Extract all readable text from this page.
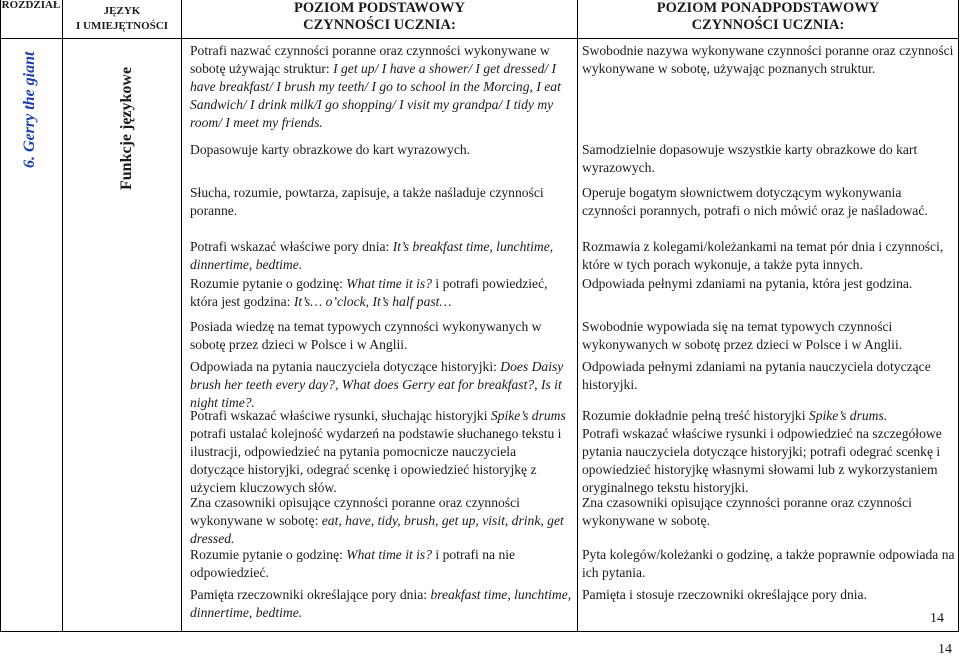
ROZDZIAŁ	JĘZYK
I UMIEJĘTNOŚCI
POZIOM PODSTAWOWY
CZYNNOŚCI UCZNIA:
POZIOM PONADPODSTAWOWY
CZYNNOŚCI UCZNIA:
6. Gerry the giant	Funkcje językowe
Potrafi nazwać czynności poranne oraz czynności wykonywane w sobotę używając struktur: I get up/ I have a shower/ I get dressed/ I have breakfast/ I brush my teeth/ I go to school in the Morcing, I eat Sandwich/ I drink milk/I go shopping/ I visit my grandpa/ I tidy my room/ I meet my friends.

Dopasowuje karty obrazkowe do kart wyrazowych.

Słucha, rozumie, powtarza, zapisuje, a także naśladuje czynności poranne.

Potrafi wskazać właściwe pory dnia: It’s breakfast time, lunchtime, dinnertime, bedtime.
Rozumie pytanie o godzinę: What time it is? i potrafi powiedzieć, która jest godzina: It’s… o’clock, It’s half past…

Posiada wiedzę na temat typowych czynności wykonywanych w sobotę przez dzieci w Polsce i w Anglii.

Odpowiada na pytania nauczyciela dotyczące historyjki: Does Daisy brush her teeth every day?, What does Gerry eat for breakfast?, Is it night time?.
Potrafi wskazać właściwe rysunki, słuchając historyjki Spike’s drums potrafi ustalać kolejność wydarzeń na podstawie słuchanego tekstu i ilustracji, odpowiedzieć na pytania pomocnicze nauczyciela dotyczące historyjki, odegrać scenkę i opowiedzieć historyjkę z użyciem kluczowych słów.
Zna czasowniki opisujące czynności poranne oraz czynności wykonywane w sobotę: eat, have, tidy, brush, get up, visit, drink, get dressed.
Rozumie pytanie o godzinę: What time it is? i potrafi na nie odpowiedzieć.
Pamięta rzeczowniki określające pory dnia: breakfast time, lunchtime, dinnertime, bedtime.

Swobodnie nazywa wykonywane czynności poranne oraz czynności wykonywane w sobotę, używając poznanych struktur.

Samodzielnie dopasowuje wszystkie karty obrazkowe do kart wyrazowych.

Operuje bogatym słownictwem dotyczącym wykonywania czynności porannych, potrafi o nich mówić oraz je naśladować.

Rozmawia z kolegami/koleżankami na temat pór dnia i czynności, które w tych porach wykonuje, a także pyta innych.

Odpowiada pełnymi zdaniami na pytania, która jest godzina.

Swobodnie wypowiada się na temat typowych czynności wykonywanych w sobotę przez dzieci w Polsce i w Anglii.

Odpowiada pełnymi zdaniami na pytania nauczyciela dotyczące historyjki.

Rozumie dokładnie pełną treść historyjki Spike’s drums.

Potrafi wskazać właściwe rysunki i odpowiedzieć na szczegółowe pytania nauczyciela dotyczące historyjki; potrafi odegrać scenkę i opowiedzieć historyjkę własnymi słowami lub z wykorzystaniem oryginalnego tekstu historyjki.

Zna czasowniki opisujące czynności poranne oraz czynności wykonywane w sobotę.

Pyta kolegów/koleżanki o godzinę, a także poprawnie odpowiada na ich pytania.

Pamięta i stosuje rzeczowniki określające pory dnia.

14
14
